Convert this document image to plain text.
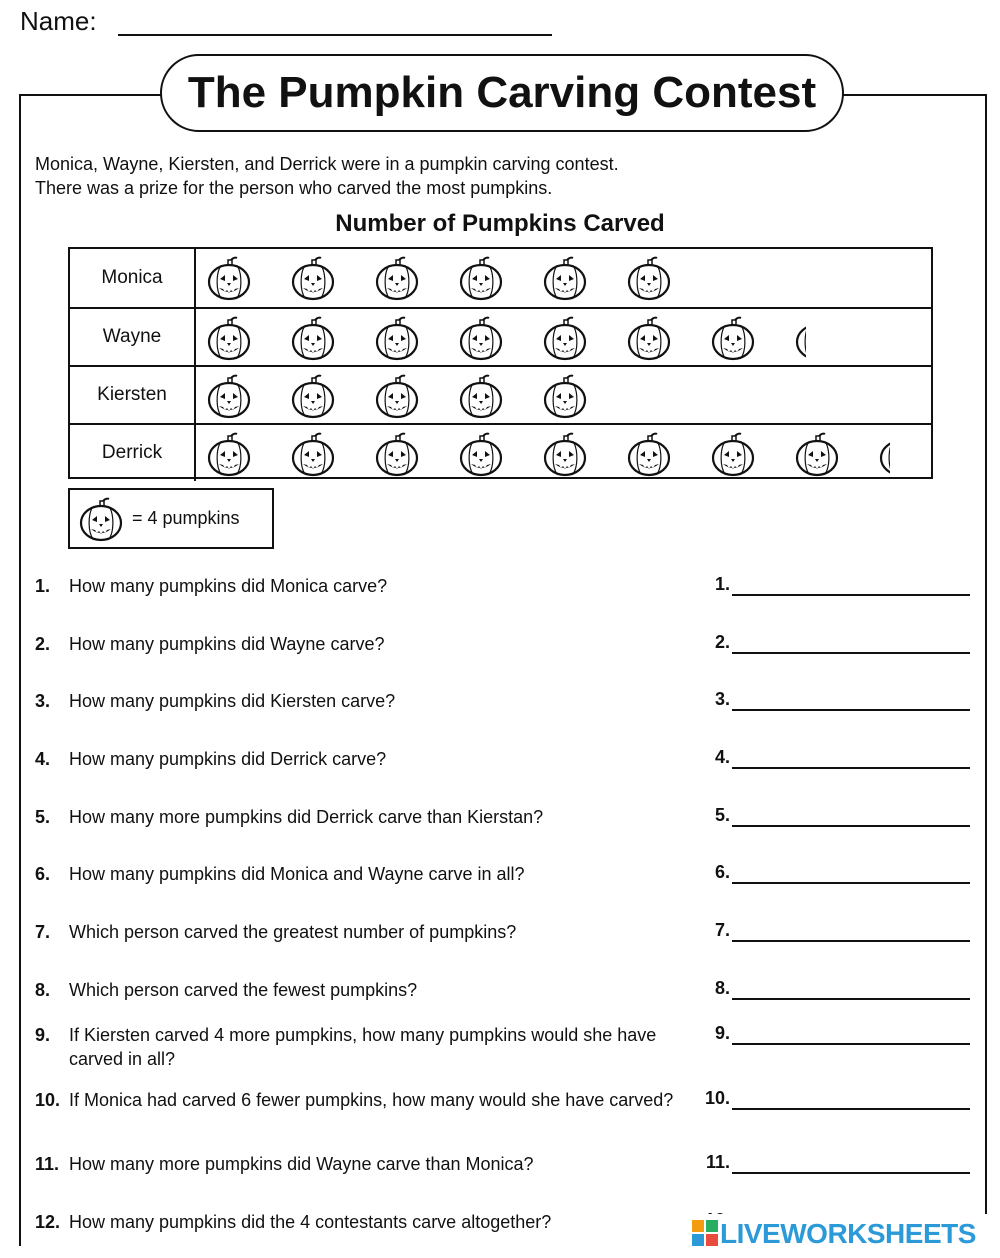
Name:
The Pumpkin Carving Contest
Monica, Wayne, Kiersten, and Derrick were in a pumpkin carving contest.
There was a prize for the person who carved the most pumpkins.
Number of Pumpkins Carved
Monica
Wayne
Kiersten
Derrick
= 4 pumpkins
1. How many pumpkins did Monica carve?	1.
2. How many pumpkins did Wayne carve?	2.
3. How many pumpkins did Kiersten carve?	3.
4. How many pumpkins did Derrick carve?	4.
5. How many more pumpkins did Derrick carve than Kierstan?	5.
6. How many pumpkins did Monica and Wayne carve in all?	6.
7. Which person carved the greatest number of pumpkins?	7.
8. Which person carved the fewest pumpkins?	8.
9. If Kiersten carved 4 more pumpkins, how many pumpkins would she have carved in all?
9.
10. If Monica had carved 6 fewer pumpkins, how many would she have carved?	10.
11. How many more pumpkins did Wayne carve than Monica?	11.
12. How many pumpkins did the 4 contestants carve altogether?	LIVEWORKSHEETS
